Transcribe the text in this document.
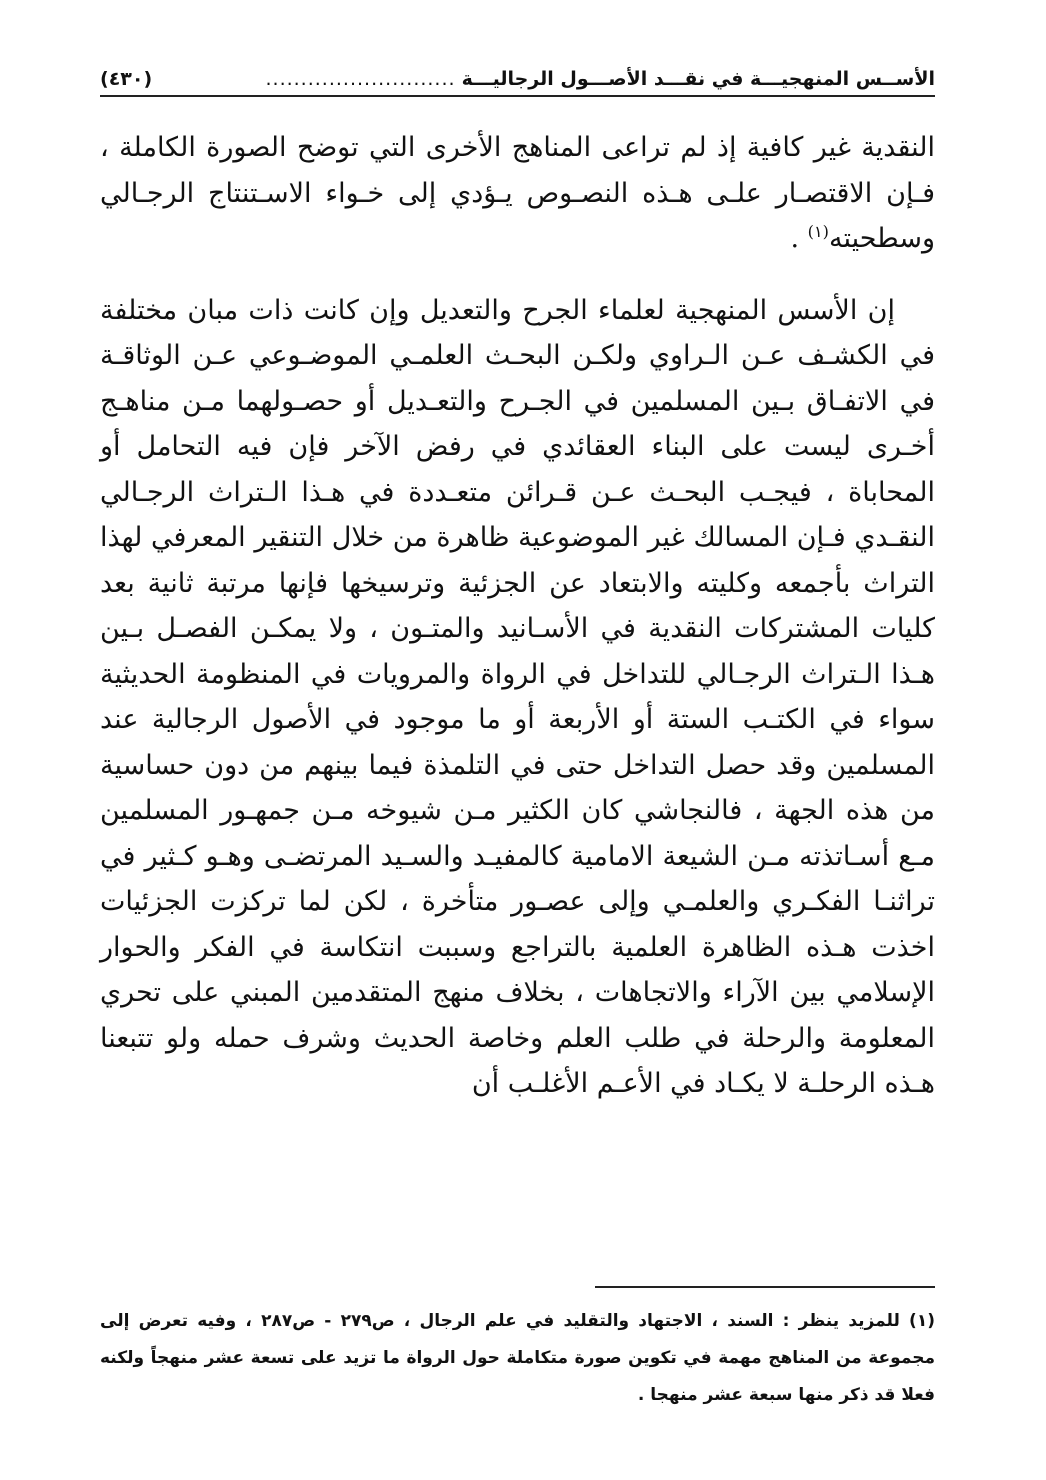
الأســس المنهجيـــة في نقـــد الأصـــول الرجاليـــة
...........................
(٤٣٠)

النقدية غير كافية إذ لم تراعى المناهج الأخرى التي توضح الصورة الكاملة ، فـإن الاقتصـار علـى هـذه النصـوص يـؤدي إلى خـواء الاسـتنتاج الرجـالي وسطحيته$^{(١)}$ .

إن الأسس المنهجية لعلماء الجرح والتعديل وإن كانت ذات مبان مختلفة في الكشـف عـن الـراوي ولكـن البحـث العلمـي الموضـوعي عـن الوثاقـة في الاتفـاق بـين المسلمين في الجـرح والتعـديل أو حصـولهما مـن مناهـج أخـرى ليست على البناء العقائدي في رفض الآخر فإن فيه التحامل أو المحاباة ، فيجـب البحـث عـن قـرائن متعـددة في هـذا الـتراث الرجـالي النقـدي فـإن المسالك غير الموضوعية ظاهرة من خلال التنقير المعرفي لهذا التراث بأجمعه وكليته والابتعاد عن الجزئية وترسيخها فإنها مرتبة ثانية بعد كليات المشتركات النقدية في الأسـانيد والمتـون ، ولا يمكـن الفصـل بـين هـذا الـتراث الرجـالي للتداخل في الرواة والمرويات في المنظومة الحديثية سواء في الكتـب الستة أو الأربعة أو ما موجود في الأصول الرجالية عند المسلمين وقد حصل التداخل حتى في التلمذة فيما بينهم من دون حساسية من هذه الجهة ، فالنجاشي كان الكثير مـن شيوخه مـن جمهـور المسلمين مـع أسـاتذته مـن الشيعة الامامية كالمفيـد والسـيد المرتضـى وهـو كـثير في تراثنـا الفكـري والعلمـي وإلى عصـور متأخرة ، لكن لما تركزت الجزئيات اخذت هـذه الظاهرة العلمية بالتراجع وسببت انتكاسة في الفكر والحوار الإسلامي بين الآراء والاتجاهات ، بخلاف منهج المتقدمين المبني على تحري المعلومة والرحلة في طلب العلم وخاصة الحديث وشرف حمله ولو تتبعنا هـذه الرحلـة لا يكـاد في الأعـم الأغلـب أن

(١) للمزيد ينظر : السند ، الاجتهاد والتقليد في علم الرجال ، ص٢٧٩ - ص٢٨٧ ، وفيه تعرض إلى مجموعة من المناهج مهمة في تكوين صورة متكاملة حول الرواة ما تزيد على تسعة عشر منهجاً ولكنه فعلا قد ذكر منها سبعة عشر منهجا .
